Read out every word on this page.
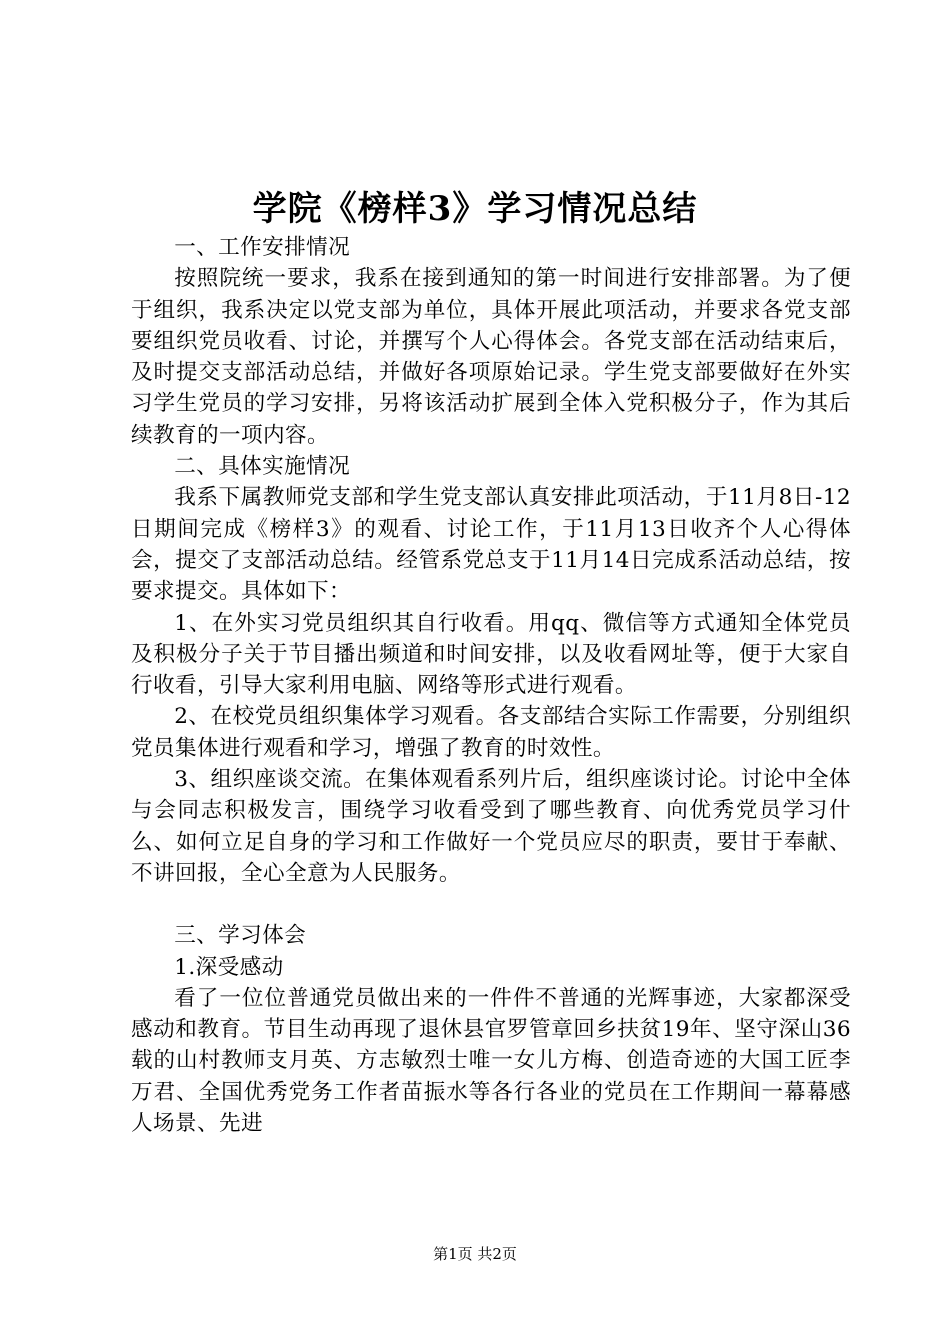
学院《榜样3》学习情况总结

一、工作安排情况

按照院统一要求，我系在接到通知的第一时间进行安排部署。为了便于组织，我系决定以党支部为单位，具体开展此项活动，并要求各党支部要组织党员收看、讨论，并撰写个人心得体会。各党支部在活动结束后，及时提交支部活动总结，并做好各项原始记录。学生党支部要做好在外实习学生党员的学习安排，另将该活动扩展到全体入党积极分子，作为其后续教育的一项内容。

二、具体实施情况

我系下属教师党支部和学生党支部认真安排此项活动，于11月8日-12日期间完成《榜样3》的观看、讨论工作，于11月13日收齐个人心得体会，提交了支部活动总结。经管系党总支于11月14日完成系活动总结，按要求提交。具体如下：

1、在外实习党员组织其自行收看。用qq、微信等方式通知全体党员及积极分子关于节目播出频道和时间安排，以及收看网址等，便于大家自行收看，引导大家利用电脑、网络等形式进行观看。

2、在校党员组织集体学习观看。各支部结合实际工作需要，分别组织党员集体进行观看和学习，增强了教育的时效性。

3、组织座谈交流。在集体观看系列片后，组织座谈讨论。讨论中全体与会同志积极发言，围绕学习收看受到了哪些教育、向优秀党员学习什么、如何立足自身的学习和工作做好一个党员应尽的职责，要甘于奉献、不讲回报，全心全意为人民服务。

三、学习体会

1.深受感动

看了一位位普通党员做出来的一件件不普通的光辉事迹，大家都深受感动和教育。节目生动再现了退休县官罗管章回乡扶贫19年、坚守深山36载的山村教师支月英、方志敏烈士唯一女儿方梅、创造奇迹的大国工匠李万君、全国优秀党务工作者苗振水等各行各业的党员在工作期间一幕幕感人场景、先进

第1页 共2页
